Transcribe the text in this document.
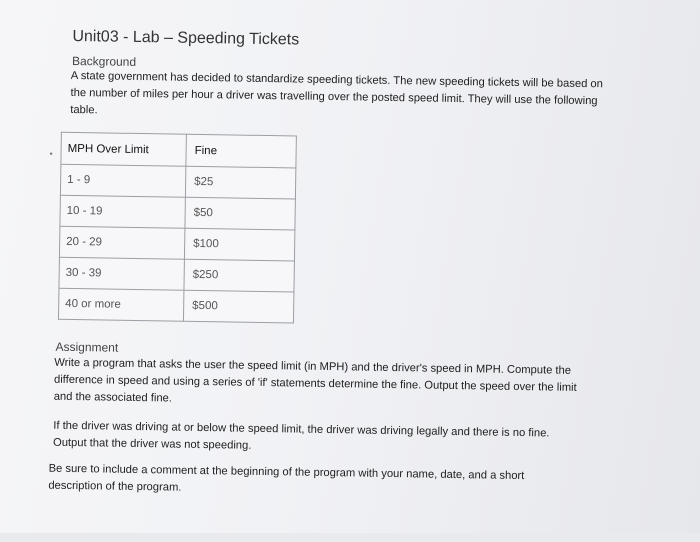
Unit03 - Lab – Speeding Tickets
Background
A state government has decided to standardize speeding tickets. The new speeding tickets will be based on the number of miles per hour a driver was travelling over the posted speed limit. They will use the following table.
• MPH Over Limit	Fine
1 - 9	$25
10 - 19	$50
20 - 29	$100
30 - 39	$250
40 or more	$500
Assignment
Write a program that asks the user the speed limit (in MPH) and the driver's speed in MPH. Compute the difference in speed and using a series of 'if' statements determine the fine. Output the speed over the limit and the associated fine.
If the driver was driving at or below the speed limit, the driver was driving legally and there is no fine. Output that the driver was not speeding.
Be sure to include a comment at the beginning of the program with your name, date, and a short description of the program.
